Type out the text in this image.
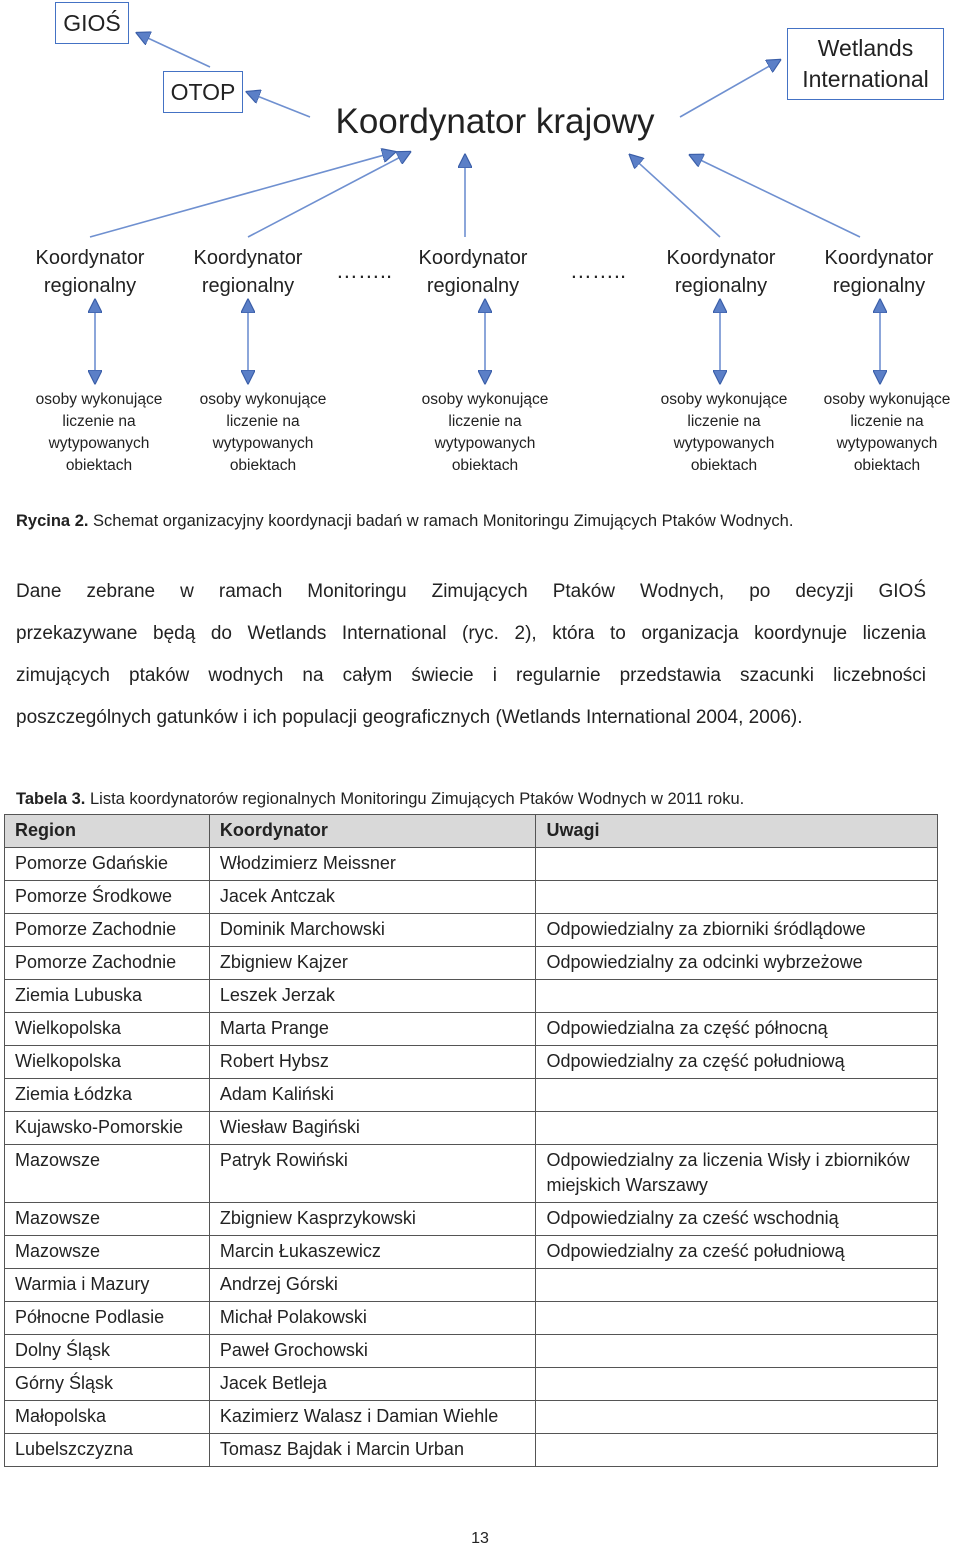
GIOŚ
OTOP
Wetlands
International
Koordynator krajowy
Koordynator
regionalny
Koordynator
regionalny
……..	Koordynator
regionalny
……..	Koordynator
regionalny
Koordynator
regionalny
osoby wykonujące
liczenie na
wytypowanych
obiektach
osoby wykonujące
liczenie na
wytypowanych
obiektach
osoby wykonujące
liczenie na
wytypowanych
obiektach
osoby wykonujące
liczenie na
wytypowanych
obiektach
osoby wykonujące
liczenie na
wytypowanych
obiektach
Rycina 2. Schemat organizacyjny koordynacji badań w ramach Monitoringu Zimujących Ptaków Wodnych.
Dane zebrane w ramach Monitoringu Zimujących Ptaków Wodnych, po decyzji GIOŚ
przekazywane będą do Wetlands International (ryc. 2), która to organizacja koordynuje liczenia
zimujących ptaków wodnych na całym świecie i regularnie przedstawia szacunki liczebności
poszczególnych gatunków i ich populacji geograficznych (Wetlands International 2004, 2006).
Tabela 3. Lista koordynatorów regionalnych Monitoringu Zimujących Ptaków Wodnych w 2011 roku.
Region	Koordynator	Uwagi
Pomorze Gdańskie	Włodzimierz Meissner	
Pomorze Środkowe	Jacek Antczak	
Pomorze Zachodnie	Dominik Marchowski	Odpowiedzialny za zbiorniki śródlądowe
Pomorze Zachodnie	Zbigniew Kajzer	Odpowiedzialny za odcinki wybrzeżowe
Ziemia Lubuska	Leszek Jerzak	
Wielkopolska	Marta Prange	Odpowiedzialna za część północną
Wielkopolska	Robert Hybsz	Odpowiedzialny za część południową
Ziemia Łódzka	Adam Kaliński	
Kujawsko-Pomorskie	Wiesław Bagiński	
Mazowsze	Patryk Rowiński	Odpowiedzialny za liczenia Wisły i zbiorników miejskich Warszawy
Mazowsze	Zbigniew Kasprzykowski	Odpowiedzialny za cześć wschodnią
Mazowsze	Marcin Łukaszewicz	Odpowiedzialny za cześć południową
Warmia i Mazury	Andrzej Górski	
Północne Podlasie	Michał Polakowski	
Dolny Śląsk	Paweł Grochowski	
Górny Śląsk	Jacek Betleja	
Małopolska	Kazimierz Walasz i Damian Wiehle	
Lubelszczyzna	Tomasz Bajdak i Marcin Urban	
13
